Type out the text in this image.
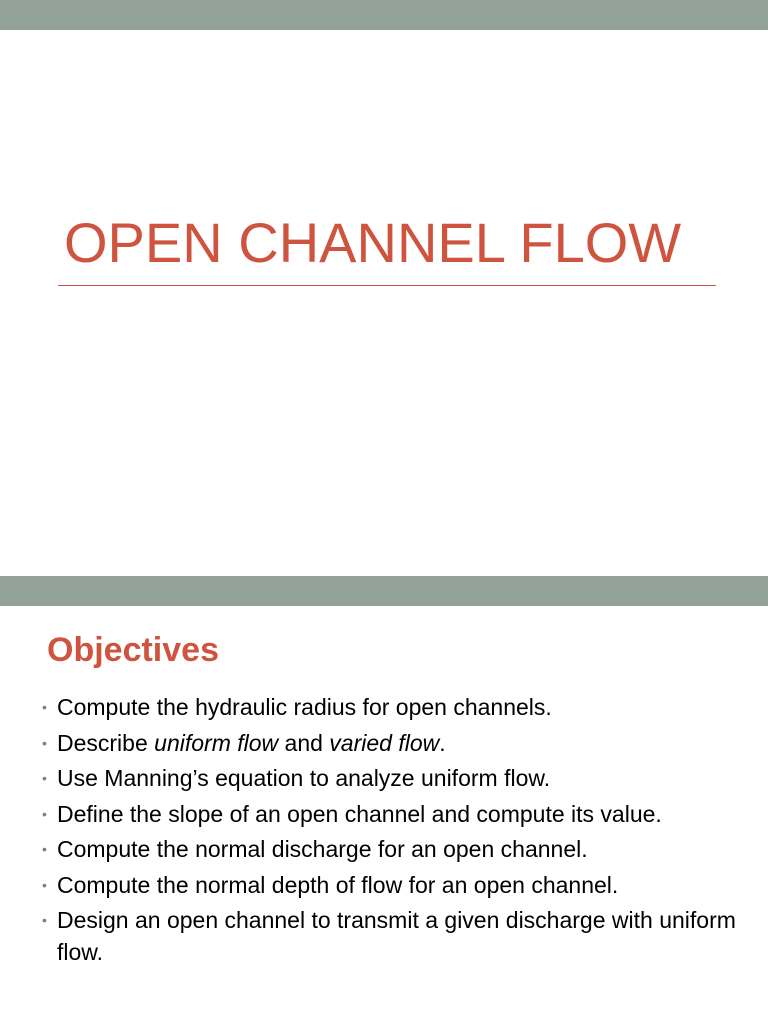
OPEN CHANNEL FLOW
Objectives
• Compute the hydraulic radius for open channels.
• Describe uniform flow and varied flow.
• Use Manning’s equation to analyze uniform flow.
• Define the slope of an open channel and compute its value.
• Compute the normal discharge for an open channel.
• Compute the normal depth of flow for an open channel.
• Design an open channel to transmit a given discharge with uniform flow.
